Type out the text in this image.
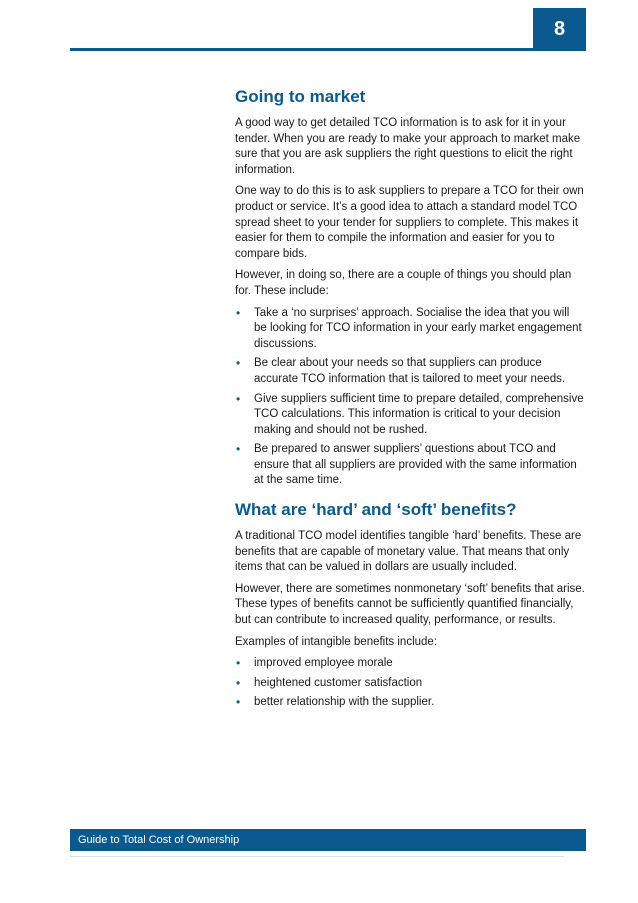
8
Going to market

A good way to get detailed TCO information is to ask for it in your tender. When you are ready to make your approach to market make sure that you are ask suppliers the right questions to elicit the right information.

One way to do this is to ask suppliers to prepare a TCO for their own product or service. It’s a good idea to attach a standard model TCO spread sheet to your tender for suppliers to complete. This makes it easier for them to compile the information and easier for you to compare bids.

However, in doing so, there are a couple of things you should plan for. These include:

• Take a ‘no surprises’ approach. Socialise the idea that you will be looking for TCO information in your early market engagement discussions.
• Be clear about your needs so that suppliers can produce accurate TCO information that is tailored to meet your needs.
• Give suppliers sufficient time to prepare detailed, comprehensive TCO calculations. This information is critical to your decision making and should not be rushed.
• Be prepared to answer suppliers’ questions about TCO and ensure that all suppliers are provided with the same information at the same time.
What are ‘hard’ and ‘soft’ benefits?

A traditional TCO model identifies tangible ‘hard’ benefits. These are benefits that are capable of monetary value. That means that only items that can be valued in dollars are usually included.

However, there are sometimes nonmonetary ‘soft’ benefits that arise. These types of benefits cannot be sufficiently quantified financially, but can contribute to increased quality, performance, or results.

Examples of intangible benefits include:

• improved employee morale
• heightened customer satisfaction
• better relationship with the supplier.
Guide to Total Cost of Ownership
